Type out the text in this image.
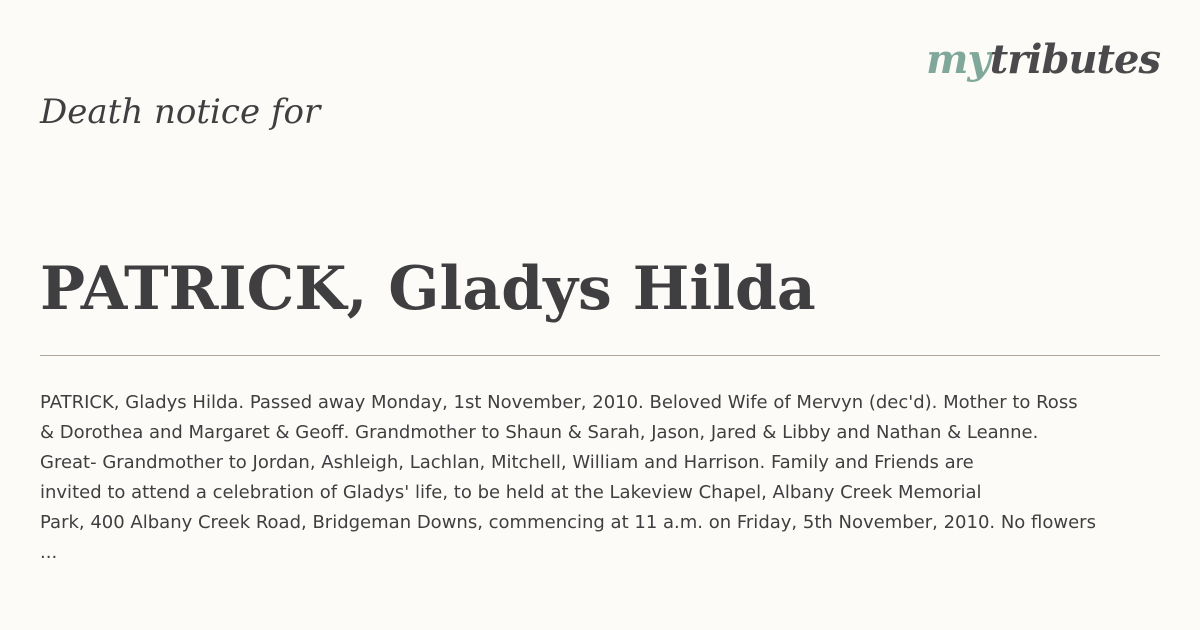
mytributes
Death notice for
PATRICK, Gladys Hilda
PATRICK, Gladys Hilda. Passed away Monday, 1st November, 2010. Beloved Wife of Mervyn (dec'd). Mother to Ross
& Dorothea and Margaret & Geoff. Grandmother to Shaun & Sarah, Jason, Jared & Libby and Nathan & Leanne.
Great- Grandmother to Jordan, Ashleigh, Lachlan, Mitchell, William and Harrison. Family and Friends are
invited to attend a celebration of Gladys' life, to be held at the Lakeview Chapel, Albany Creek Memorial
Park, 400 Albany Creek Road, Bridgeman Downs, commencing at 11 a.m. on Friday, 5th November, 2010. No flowers
...
